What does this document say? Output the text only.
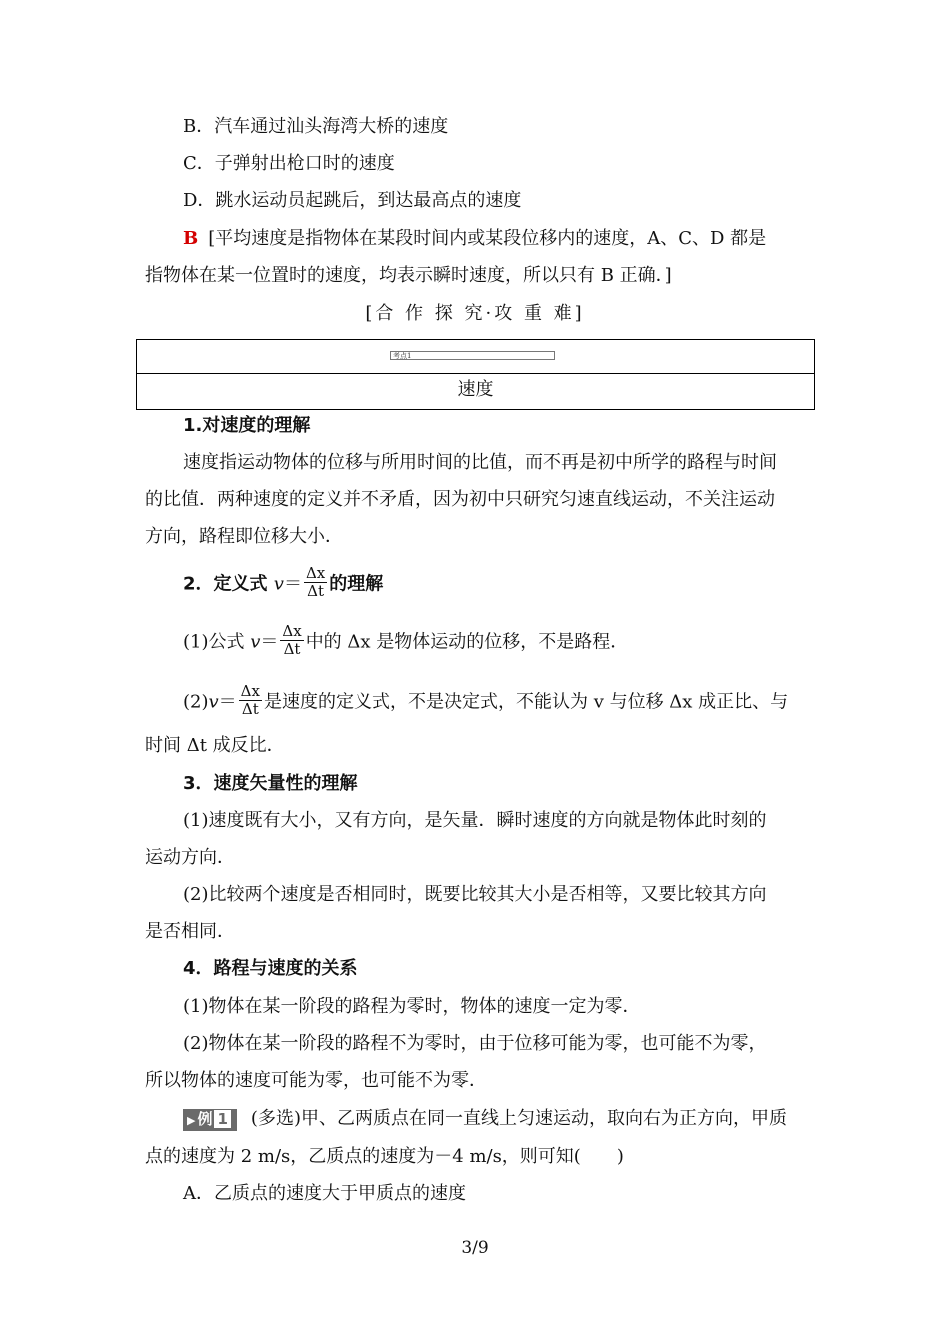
B．汽车通过汕头海湾大桥的速度
C．子弹射出枪口时的速度
D．跳水运动员起跳后，到达最高点的速度
B [平均速度是指物体在某段时间内或某段位移内的速度，A、C、D 都是
指物体在某一位置时的速度，均表示瞬时速度，所以只有 B 正确．]
[合 作 探 究·攻 重 难]
考点1
速度
1.对速度的理解
速度指运动物体的位移与所用时间的比值，而不再是初中所学的路程与时间
的比值．两种速度的定义并不矛盾，因为初中只研究匀速直线运动，不关注运动
方向，路程即位移大小．
2．定义式 $v= \frac{\Delta x}{\Delta t}$ 的理解
(1)公式 $v= \frac{\Delta x}{\Delta t}$ 中的 Δx 是物体运动的位移，不是路程．
$(2)v= \frac{\Delta x}{\Delta t}$ 是速度的定义式，不是决定式，不能认为 v 与位移 Δx 成正比、与
时间 Δt 成反比．
3．速度矢量性的理解
(1)速度既有大小，又有方向，是矢量．瞬时速度的方向就是物体此时刻的
运动方向．
(2)比较两个速度是否相同时，既要比较其大小是否相等，又要比较其方向
是否相同．
4．路程与速度的关系
(1)物体在某一阶段的路程为零时，物体的速度一定为零．
(2)物体在某一阶段的路程不为零时，由于位移可能为零，也可能不为零，
所以物体的速度可能为零，也可能不为零．
▶ 例 1 (多选)甲、乙两质点在同一直线上匀速运动，取向右为正方向，甲质
点的速度为 2 m/s，乙质点的速度为－4 m/s，则可知(　　)
A．乙质点的速度大于甲质点的速度
3/9
